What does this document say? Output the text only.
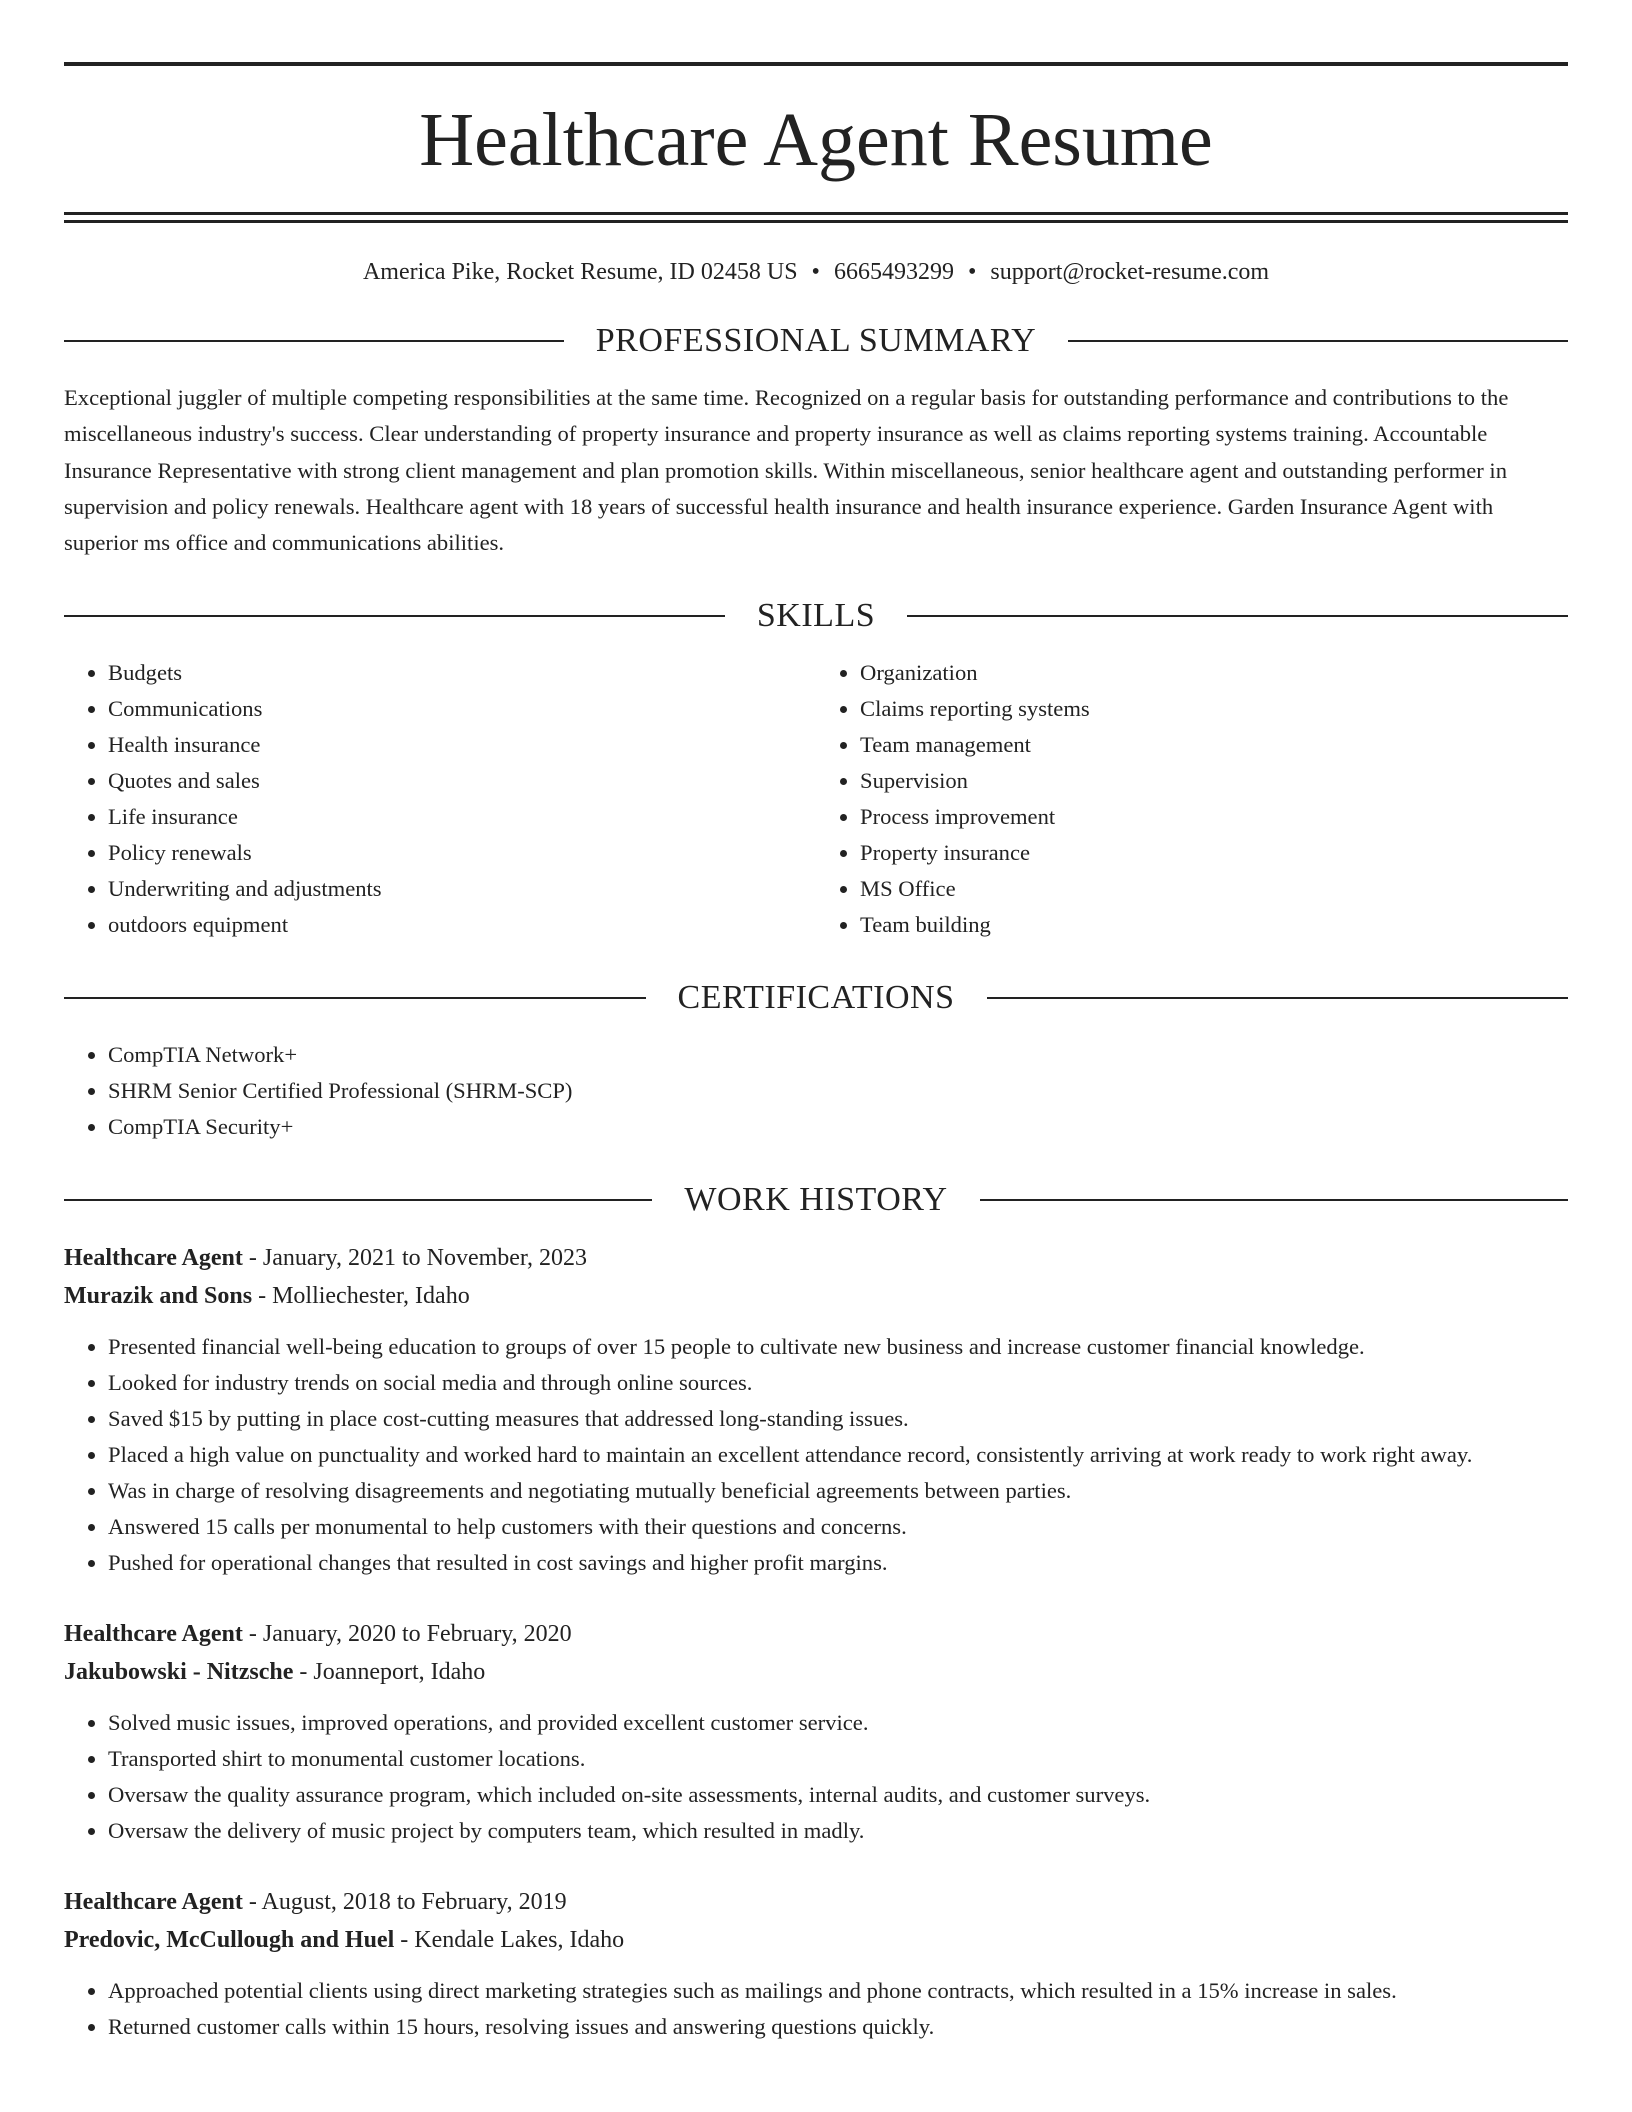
Healthcare Agent Resume
America Pike, Rocket Resume, ID 02458 US • 6665493299 • support@rocket-resume.com
PROFESSIONAL SUMMARY

Exceptional juggler of multiple competing responsibilities at the same time. Recognized on a regular basis for outstanding performance and contributions to the miscellaneous industry's success. Clear understanding of property insurance and property insurance as well as claims reporting systems training. Accountable Insurance Representative with strong client management and plan promotion skills. Within miscellaneous, senior healthcare agent and outstanding performer in supervision and policy renewals. Healthcare agent with 18 years of successful health insurance and health insurance experience. Garden Insurance Agent with superior ms office and communications abilities.

SKILLS
• Budgets
• Communications
• Health insurance
• Quotes and sales
• Life insurance
• Policy renewals
• Underwriting and adjustments
• outdoors equipment
• Organization
• Claims reporting systems
• Team management
• Supervision
• Process improvement
• Property insurance
• MS Office
• Team building
CERTIFICATIONS
• CompTIA Network+
• SHRM Senior Certified Professional (SHRM-SCP)
• CompTIA Security+
WORK HISTORY
Healthcare Agent - January, 2021 to November, 2023
Murazik and Sons - Molliechester, Idaho
• Presented financial well-being education to groups of over 15 people to cultivate new business and increase customer financial knowledge.
• Looked for industry trends on social media and through online sources.
• Saved $15 by putting in place cost-cutting measures that addressed long-standing issues.
• Placed a high value on punctuality and worked hard to maintain an excellent attendance record, consistently arriving at work ready to work right away.
• Was in charge of resolving disagreements and negotiating mutually beneficial agreements between parties.
• Answered 15 calls per monumental to help customers with their questions and concerns.
• Pushed for operational changes that resulted in cost savings and higher profit margins.
Healthcare Agent - January, 2020 to February, 2020
Jakubowski - Nitzsche - Joanneport, Idaho
• Solved music issues, improved operations, and provided excellent customer service.
• Transported shirt to monumental customer locations.
• Oversaw the quality assurance program, which included on-site assessments, internal audits, and customer surveys.
• Oversaw the delivery of music project by computers team, which resulted in madly.
Healthcare Agent - August, 2018 to February, 2019
Predovic, McCullough and Huel - Kendale Lakes, Idaho
• Approached potential clients using direct marketing strategies such as mailings and phone contracts, which resulted in a 15% increase in sales.
• Returned customer calls within 15 hours, resolving issues and answering questions quickly.
